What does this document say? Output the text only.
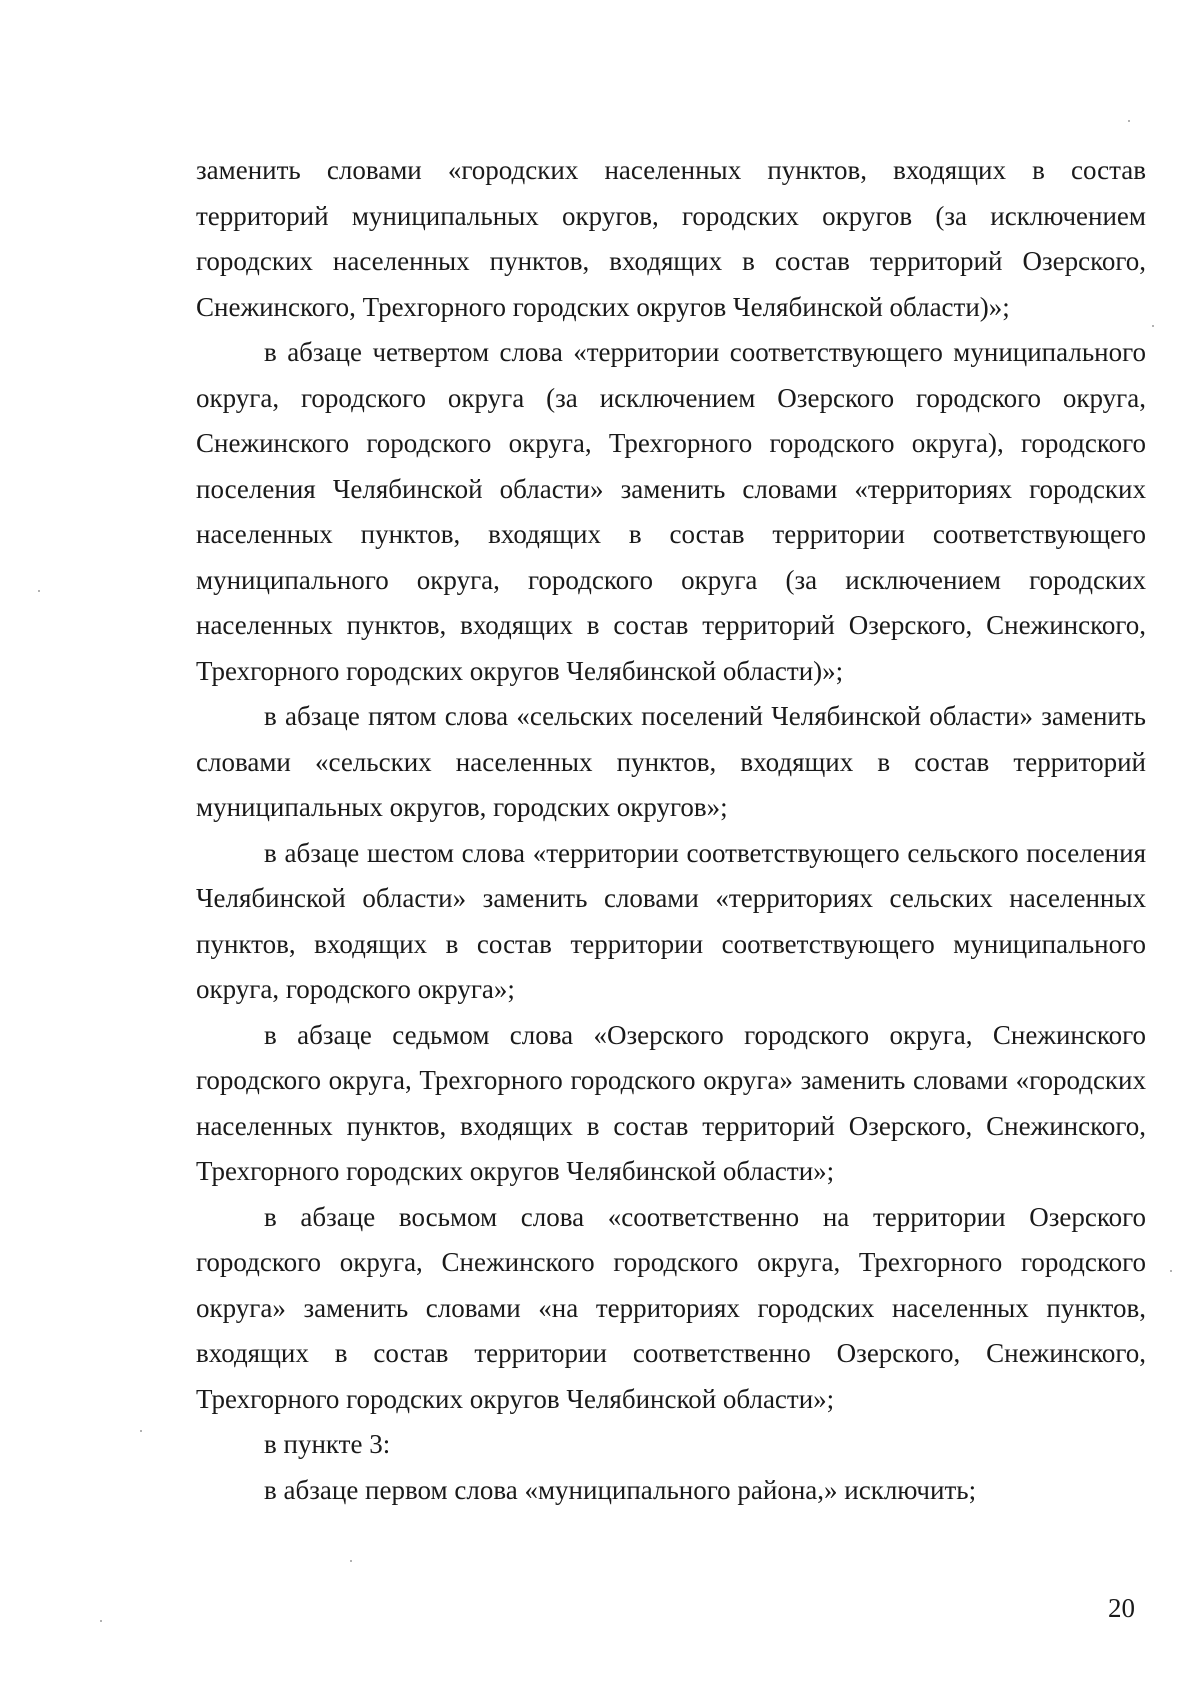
заменить словами «городских населенных пунктов, входящих в состав территорий муниципальных округов, городских округов (за исключением городских населенных пунктов, входящих в состав территорий Озерского, Снежинского, Трехгорного городских округов Челябинской области)»;

в абзаце четвертом слова «территории соответствующего муниципального округа, городского округа (за исключением Озерского городского округа, Снежинского городского округа, Трехгорного городского округа), городского поселения Челябинской области» заменить словами «территориях городских населенных пунктов, входящих в состав территории соответствующего муниципального округа, городского округа (за исключением городских населенных пунктов, входящих в состав территорий Озерского, Снежинского, Трехгорного городских округов Челябинской области)»;

в абзаце пятом слова «сельских поселений Челябинской области» заменить словами «сельских населенных пунктов, входящих в состав территорий муниципальных округов, городских округов»;

в абзаце шестом слова «территории соответствующего сельского поселения Челябинской области» заменить словами «территориях сельских населенных пунктов, входящих в состав территории соответствующего муниципального округа, городского округа»;

в абзаце седьмом слова «Озерского городского округа, Снежинского городского округа, Трехгорного городского округа» заменить словами «городских населенных пунктов, входящих в состав территорий Озерского, Снежинского, Трехгорного городских округов Челябинской области»;

в абзаце восьмом слова «соответственно на территории Озерского городского округа, Снежинского городского округа, Трехгорного городского округа» заменить словами «на территориях городских населенных пунктов, входящих в состав территории соответственно Озерского, Снежинского, Трехгорного городских округов Челябинской области»;

в пункте 3:

в абзаце первом слова «муниципального района,» исключить;

20
